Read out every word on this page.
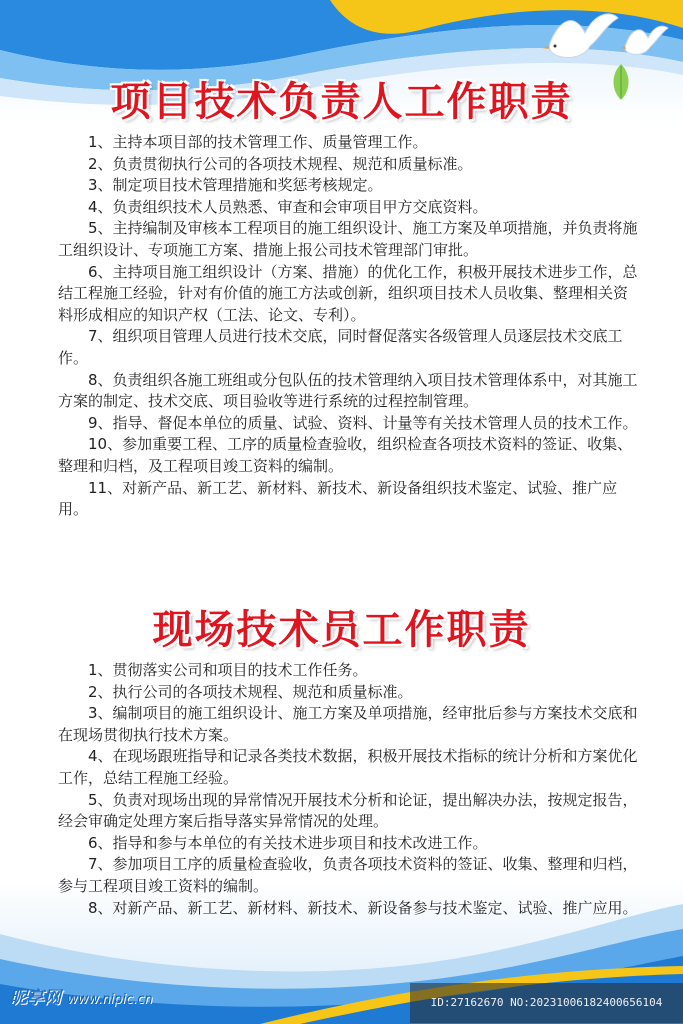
项目技术负责人工作职责

1、主持本项目部的技术管理工作、质量管理工作。

2、负责贯彻执行公司的各项技术规程、规范和质量标准。

3、制定项目技术管理措施和奖惩考核规定。

4、负责组织技术人员熟悉、审查和会审项目甲方交底资料。

5、主持编制及审核本工程项目的施工组织设计、施工方案及单项措施，并负责将施工组织设计、专项施工方案、措施上报公司技术管理部门审批。

6、主持项目施工组织设计（方案、措施）的优化工作，积极开展技术进步工作，总结工程施工经验，针对有价值的施工方法或创新，组织项目技术人员收集、整理相关资料形成相应的知识产权（工法、论文、专利）。

7、组织项目管理人员进行技术交底，同时督促落实各级管理人员逐层技术交底工作。

8、负责组织各施工班组或分包队伍的技术管理纳入项目技术管理体系中，对其施工方案的制定、技术交底、项目验收等进行系统的过程控制管理。

9、指导、督促本单位的质量、试验、资料、计量等有关技术管理人员的技术工作。

10、参加重要工程、工序的质量检查验收，组织检查各项技术资料的签证、收集、整理和归档，及工程项目竣工资料的编制。

11、对新产品、新工艺、新材料、新技术、新设备组织技术鉴定、试验、推广应用。

现场技术员工作职责

1、贯彻落实公司和项目的技术工作任务。

2、执行公司的各项技术规程、规范和质量标准。

3、编制项目的施工组织设计、施工方案及单项措施，经审批后参与方案技术交底和在现场贯彻执行技术方案。

4、在现场跟班指导和记录各类技术数据，积极开展技术指标的统计分析和方案优化工作，总结工程施工经验。

5、负责对现场出现的异常情况开展技术分析和论证，提出解决办法，按规定报告，经会审确定处理方案后指导落实异常情况的处理。

6、指导和参与本单位的有关技术进步项目和技术改进工作。

7、参加项目工序的质量检查验收，负责各项技术资料的签证、收集、整理和归档，参与工程项目竣工资料的编制。

8、对新产品、新工艺、新材料、新技术、新设备参与技术鉴定、试验、推广应用。

昵享网 www.nipic.cn	ID:27162670 NO:20231006182400656104
